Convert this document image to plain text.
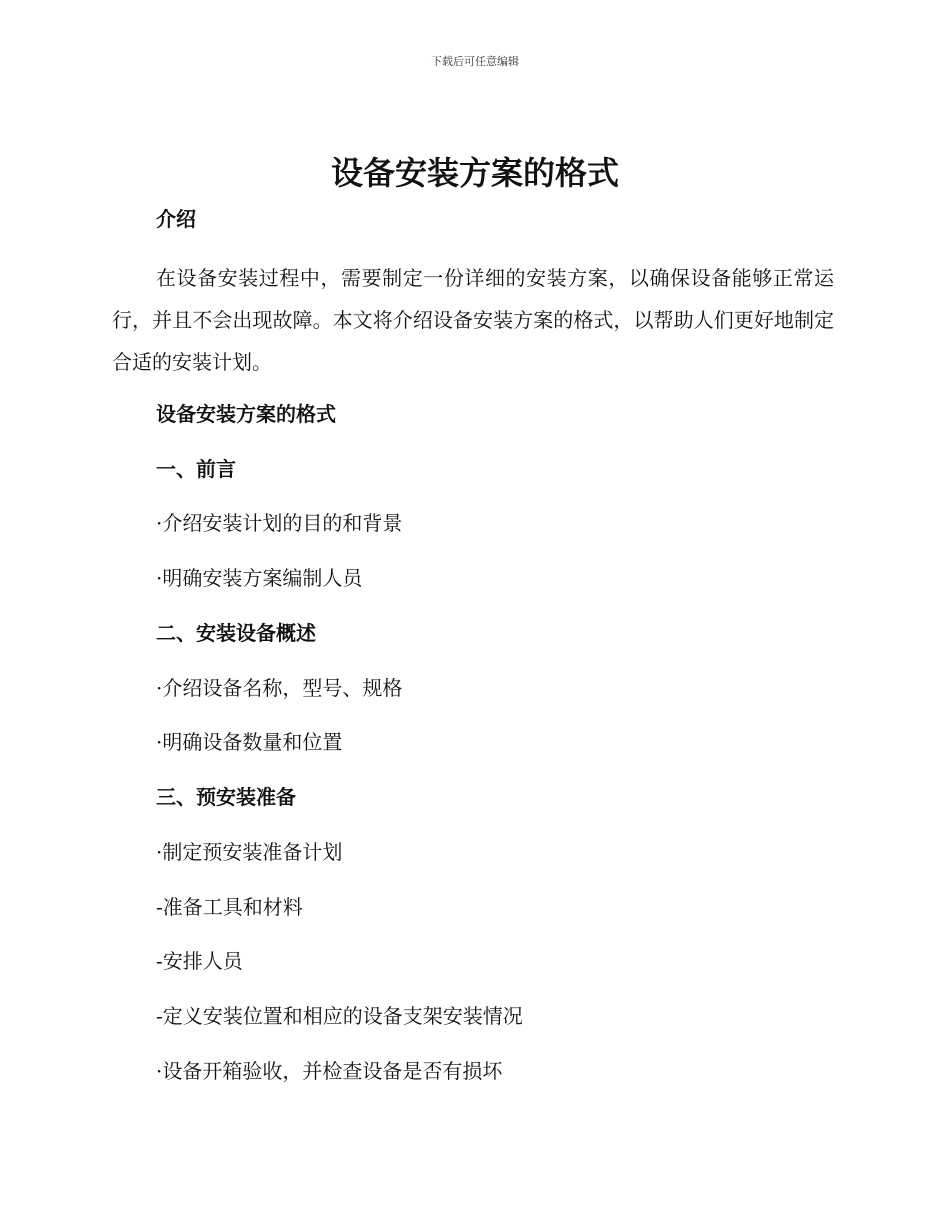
下载后可任意编辑
设备安装方案的格式
介绍

在设备安装过程中，需要制定一份详细的安装方案，以确保设备能够正常运行，并且不会出现故障。本文将介绍设备安装方案的格式，以帮助人们更好地制定合适的安装计划。

设备安装方案的格式
一、前言
·介绍安装计划的目的和背景
·明确安装方案编制人员
二、安装设备概述
·介绍设备名称，型号、规格
·明确设备数量和位置
三、预安装准备
·制定预安装准备计划
-准备工具和材料
-安排人员
-定义安装位置和相应的设备支架安装情况
·设备开箱验收，并检查设备是否有损坏
